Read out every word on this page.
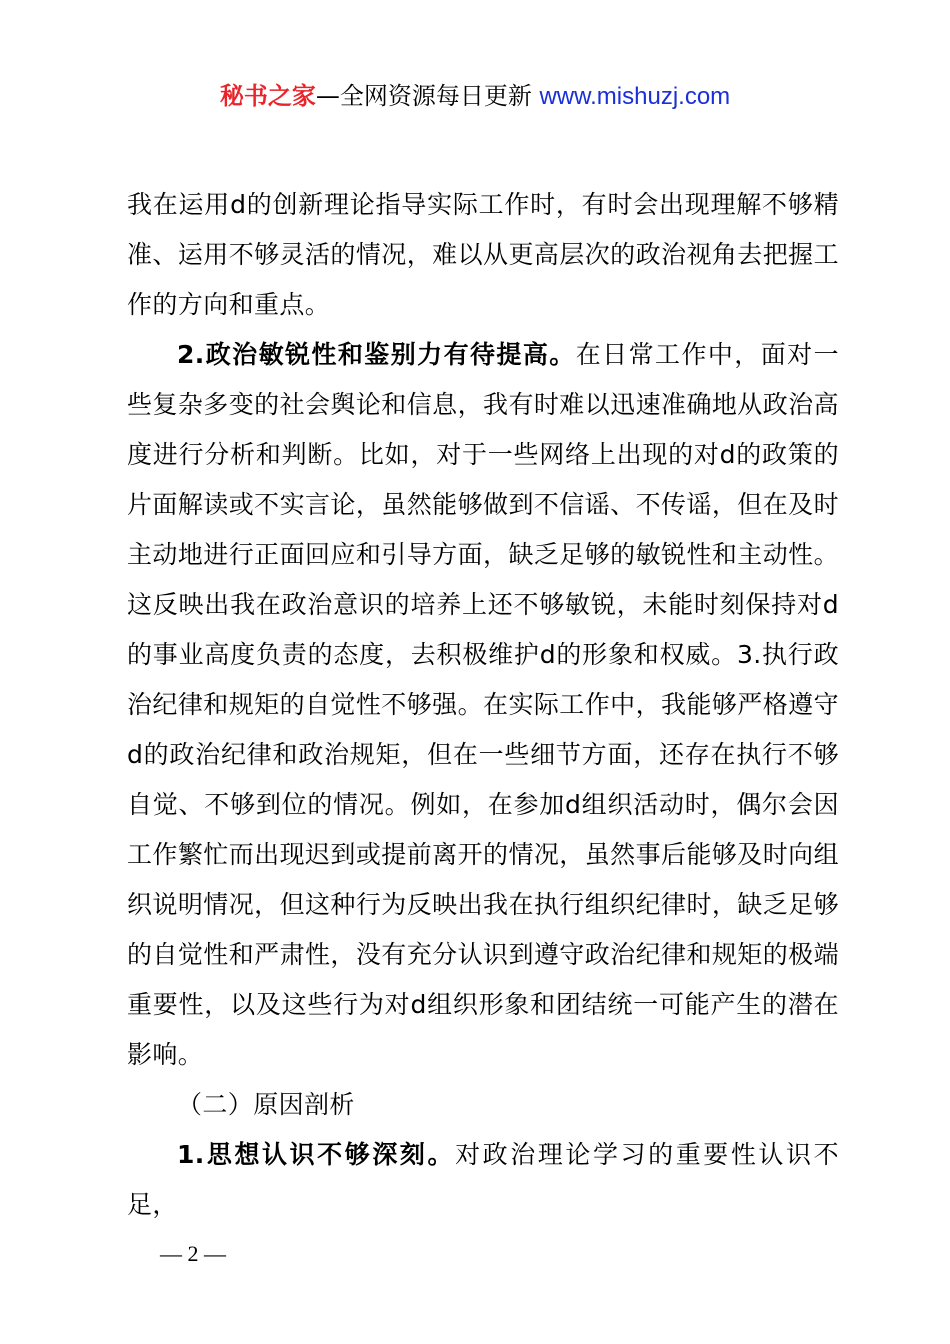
秘书之家—全网资源每日更新 www.mishuzj.com

我在运用d的创新理论指导实际工作时，有时会出现理解不够精准、运用不够灵活的情况，难以从更高层次的政治视角去把握工作的方向和重点。

2.政治敏锐性和鉴别力有待提高。在日常工作中，面对一些复杂多变的社会舆论和信息，我有时难以迅速准确地从政治高度进行分析和判断。比如，对于一些网络上出现的对d的政策的片面解读或不实言论，虽然能够做到不信谣、不传谣，但在及时主动地进行正面回应和引导方面，缺乏足够的敏锐性和主动性。这反映出我在政治意识的培养上还不够敏锐，未能时刻保持对d的事业高度负责的态度，去积极维护d的形象和权威。3.执行政治纪律和规矩的自觉性不够强。在实际工作中，我能够严格遵守d的政治纪律和政治规矩，但在一些细节方面，还存在执行不够自觉、不够到位的情况。例如，在参加d组织活动时，偶尔会因工作繁忙而出现迟到或提前离开的情况，虽然事后能够及时向组织说明情况，但这种行为反映出我在执行组织纪律时，缺乏足够的自觉性和严肃性，没有充分认识到遵守政治纪律和规矩的极端重要性，以及这些行为对d组织形象和团结统一可能产生的潜在影响。

（二）原因剖析

1.思想认识不够深刻。对政治理论学习的重要性认识不足，

— 2 —
